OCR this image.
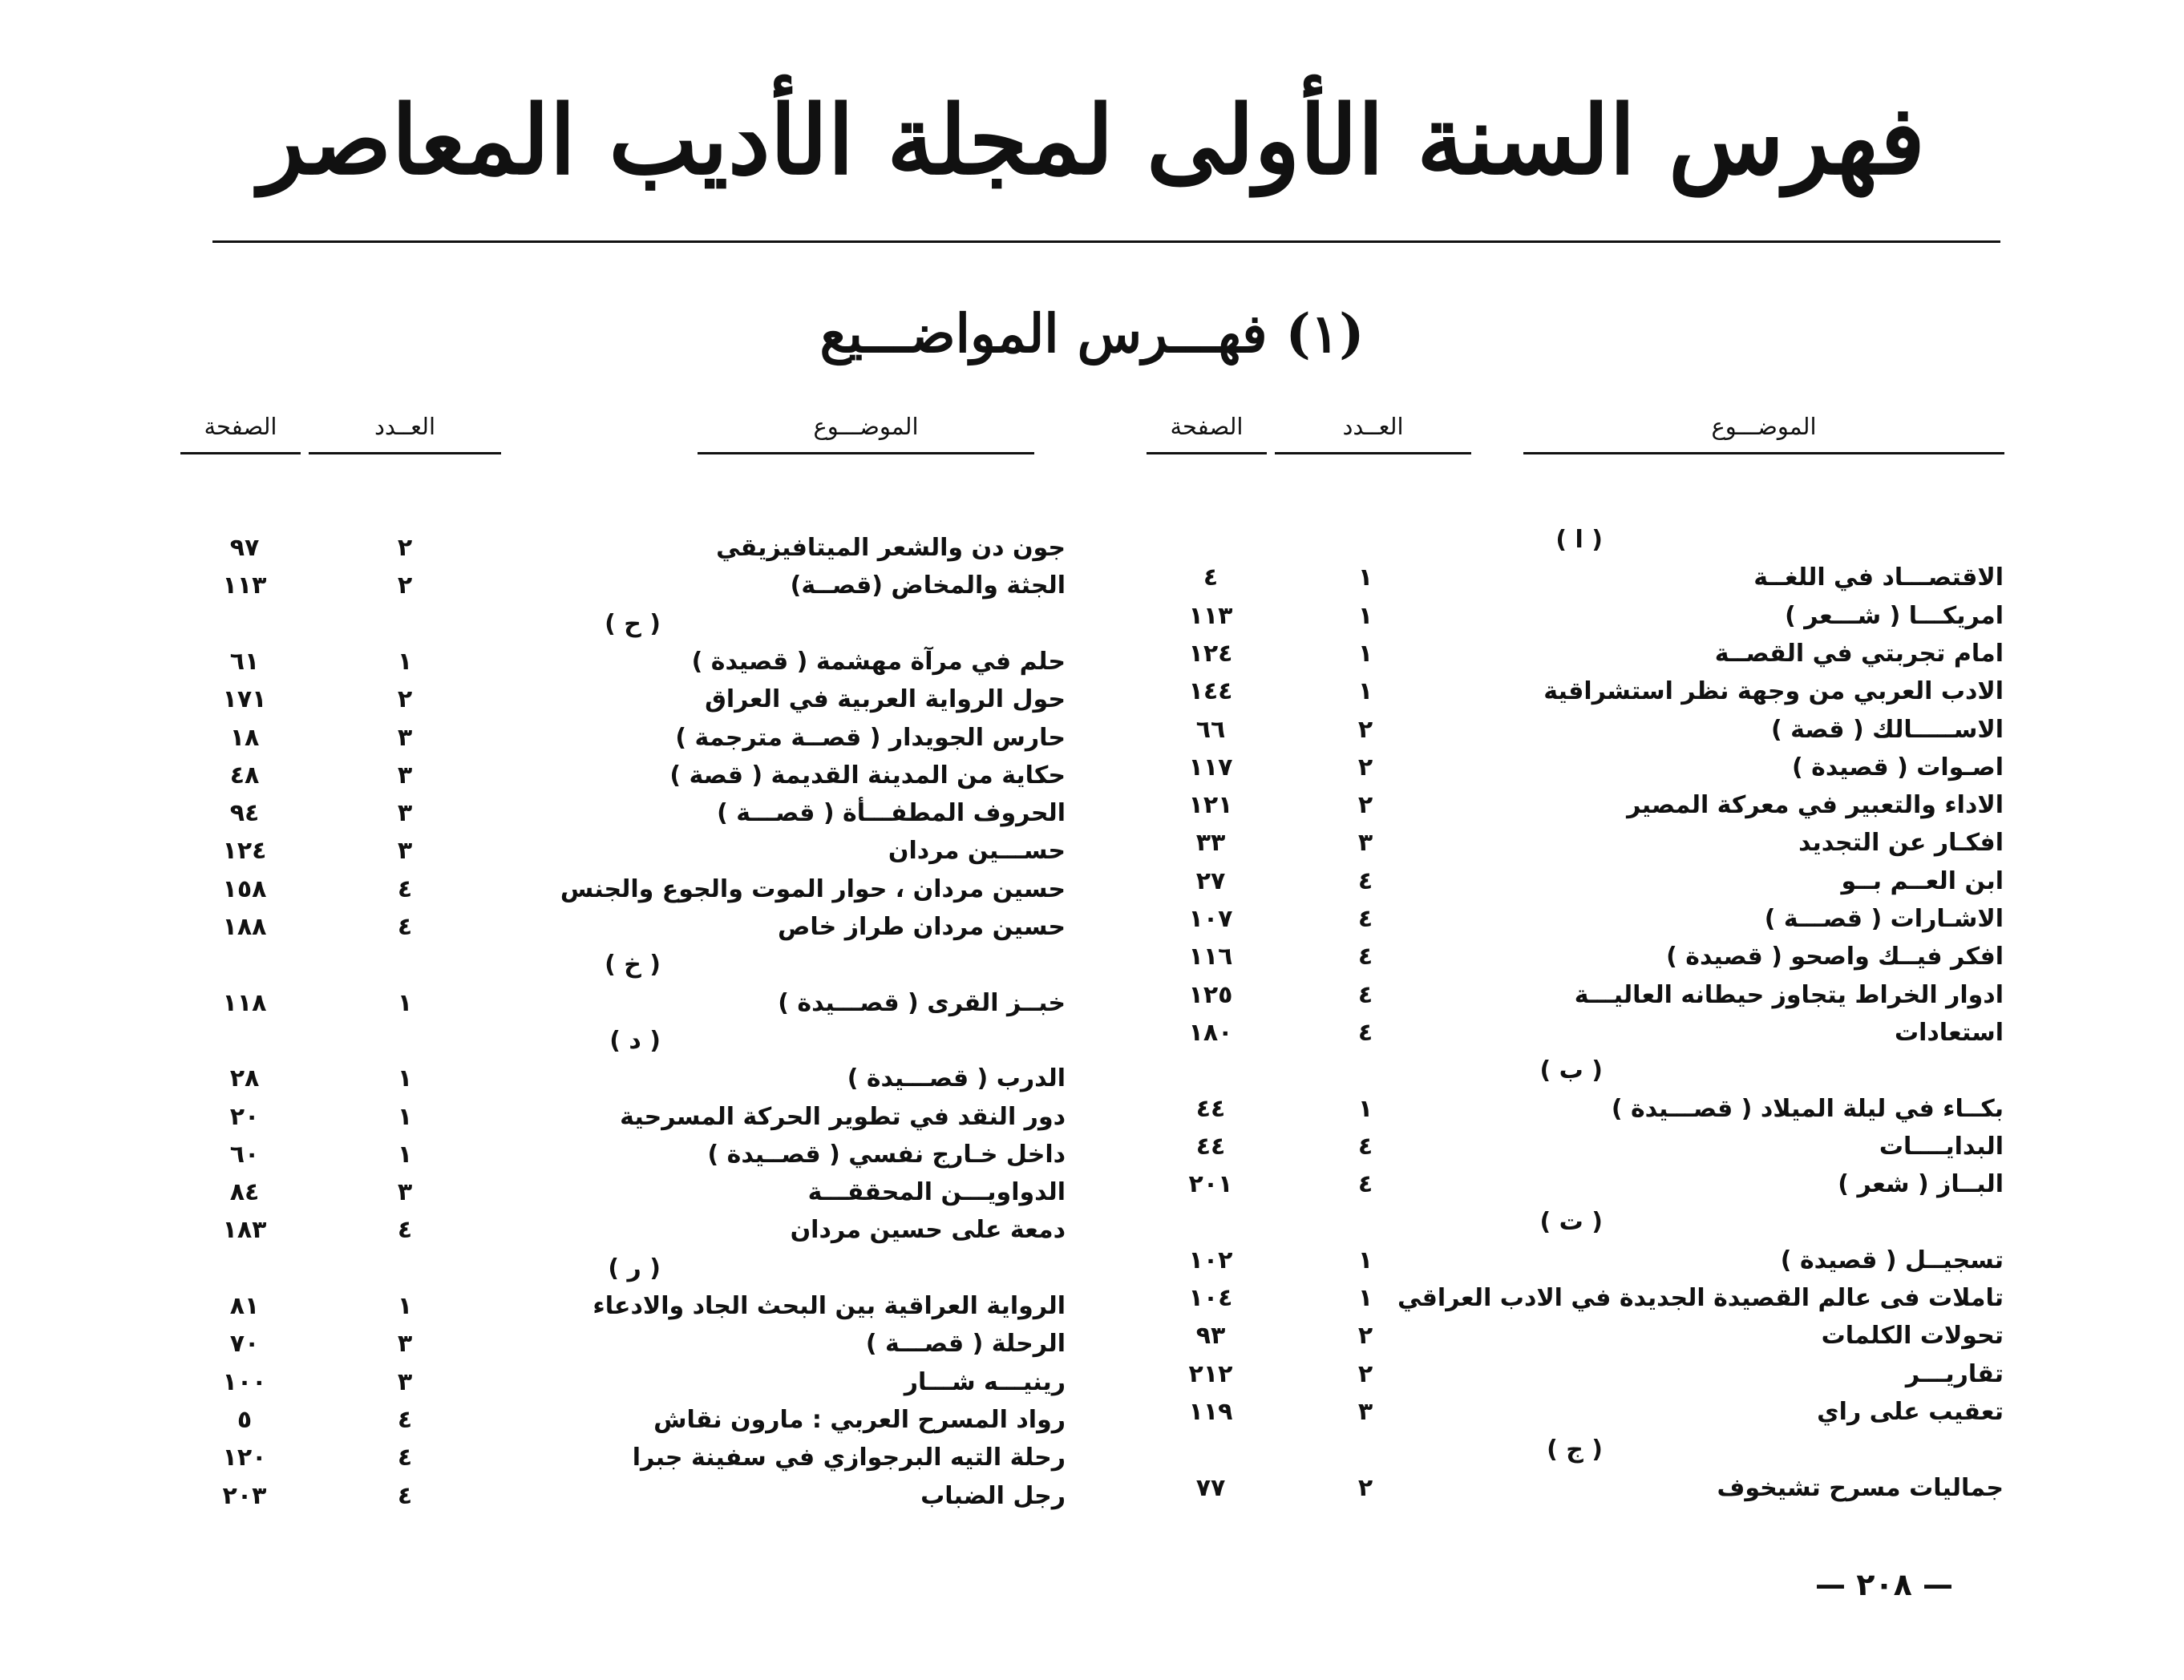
فهرس السنة الأولى لمجلة الأديب المعاصر
(١) فهـــرس المواضـــيع
الموضـــوع
العــدد
الصفحة
الموضـــوع
العــدد
الصفحة
( ا )
الاقتصـــاد في اللغــة
١
٤
امريكـــا ( شـــعر )
١
١١٣
امام تجربتي في القصــة
١
١٢٤
الادب العربي من وجهة نظر استشراقية
١
١٤٤
الاســـــالك ( قصة )
٢
٦٦
اصـوات ( قصيدة )
٢
١١٧
الاداء والتعبير في معركة المصير
٢
١٢١
افكـار عن التجديد
٣
٣٣
ابن العــم بــو
٤
٢٧
الاشـارات ( قصـــة )
٤
١٠٧
افكر فيــك واصحو ( قصيدة )
٤
١١٦
ادوار الخراط يتجاوز حيطانه العاليـــة
٤
١٢٥
استعادات
٤
١٨٠
( ب )
بكــاء في ليلة الميلاد ( قصـــيدة )
١
٤٤
البدايــــات
٤
٤٤
البــاز ( شعر )
٤
٢٠١
( ت )
تسجيــل ( قصيدة )
١
١٠٢
تاملات فى عالم القصيدة الجديدة في الادب العراقي
١
١٠٤
تحولات الكلمات
٢
٩٣
تقاريـــر
٢
٢١٢
تعقيب على راي
٣
١١٩
( ج )
جماليات مسرح تشيخوف
٢
٧٧
جون دن والشعر الميتافيزيقي
٢
٩٧
الجثة والمخاض (قصــة)
٢
١١٣
( ح )
حلم في مرآة مهشمة ( قصيدة )
١
٦١
حول الرواية العربية في العراق
٢
١٧١
حارس الجويدار ( قصــة مترجمة )
٣
١٨
حكاية من المدينة القديمة ( قصة )
٣
٤٨
الحروف المطفـــأة ( قصـــة )
٣
٩٤
حســـين مردان
٣
١٢٤
حسين مردان ، حوار الموت والجوع والجنس
٤
١٥٨
حسين مردان طراز خاص
٤
١٨٨
( خ )
خبــز القرى ( قصـــيدة )
١
١١٨
( د )
الدرب ( قصـــيدة )
١
٢٨
دور النقد في تطوير الحركة المسرحية
١
٢٠
داخل خـارج نفسي ( قصــيدة )
١
٦٠
الدواويـــن المحققـــة
٣
٨٤
دمعة على حسين مردان
٤
١٨٣
( ر )
الرواية العراقية بين البحث الجاد والادعاء
١
٨١
الرحلة ( قصـــة )
٣
٧٠
رينيـــه شـــار
٣
١٠٠
رواد المسرح العربي : مارون نقاش
٤
٥
رحلة التيه البرجوازي في سفينة جبرا
٤
١٢٠
رجل الضباب
٤
٢٠٣
— ٢٠٨ —
